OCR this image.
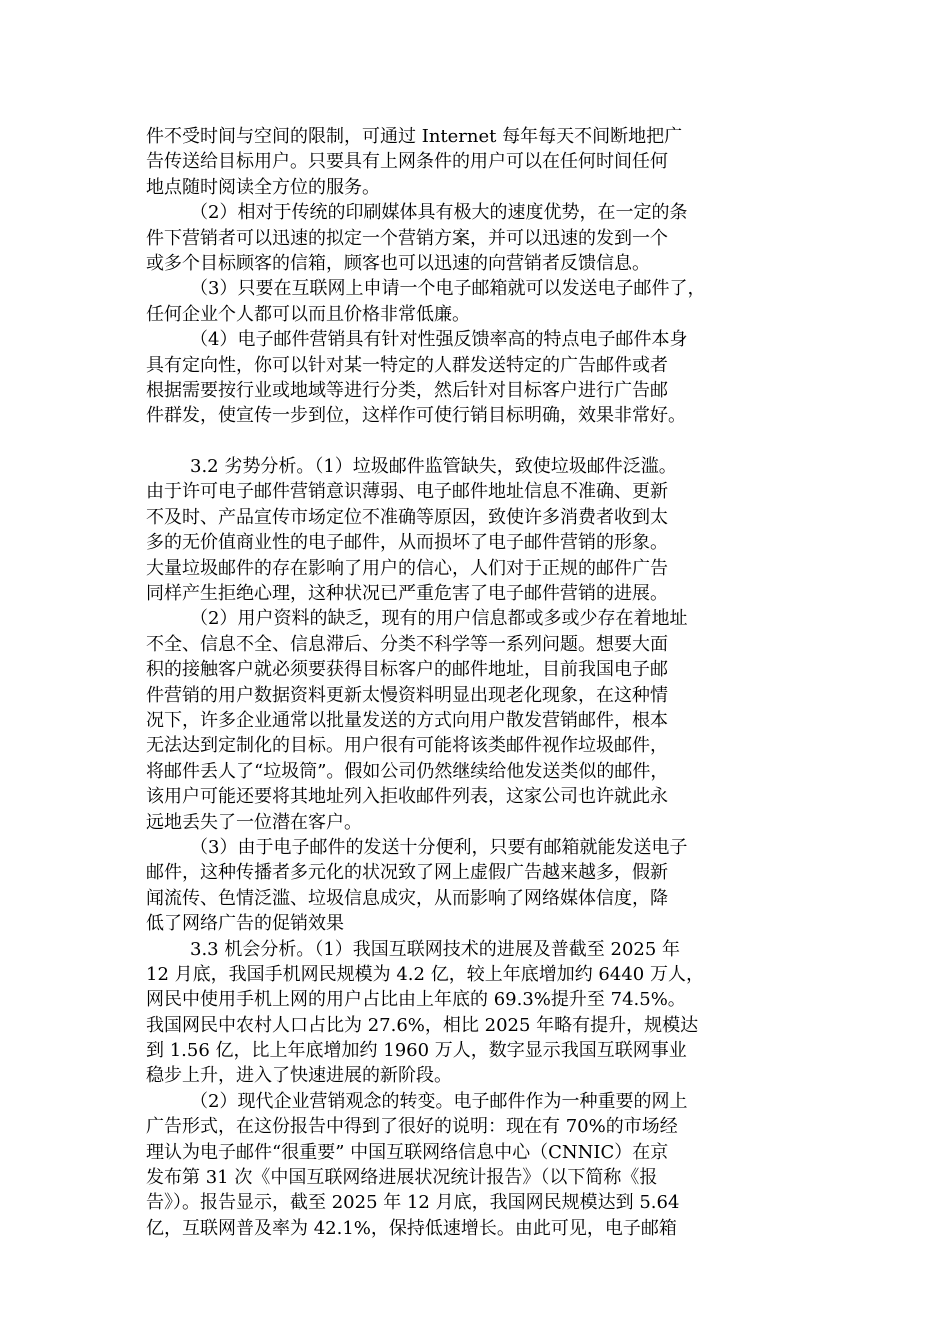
件不受时间与空间的限制，可通过 Internet 每年每天不间断地把广
告传送给目标用户。只要具有上网条件的用户可以在任何时间任何
地点随时阅读全方位的服务。
（2）相对于传统的印刷媒体具有极大的速度优势，在一定的条
件下营销者可以迅速的拟定一个营销方案，并可以迅速的发到一个
或多个目标顾客的信箱，顾客也可以迅速的向营销者反馈信息。
（3）只要在互联网上申请一个电子邮箱就可以发送电子邮件了，
任何企业个人都可以而且价格非常低廉。
（4）电子邮件营销具有针对性强反馈率高的特点电子邮件本身
具有定向性，你可以针对某一特定的人群发送特定的广告邮件或者
根据需要按行业或地域等进行分类，然后针对目标客户进行广告邮
件群发，使宣传一步到位，这样作可使行销目标明确，效果非常好。
3.2 劣势分析。（1）垃圾邮件监管缺失，致使垃圾邮件泛滥。
由于许可电子邮件营销意识薄弱、电子邮件地址信息不准确、更新
不及时、产品宣传市场定位不准确等原因，致使许多消费者收到太
多的无价值商业性的电子邮件，从而损坏了电子邮件营销的形象。
大量垃圾邮件的存在影响了用户的信心，人们对于正规的邮件广告
同样产生拒绝心理，这种状况已严重危害了电子邮件营销的进展。
（2）用户资料的缺乏，现有的用户信息都或多或少存在着地址
不全、信息不全、信息滞后、分类不科学等一系列问题。想要大面
积的接触客户就必须要获得目标客户的邮件地址，目前我国电子邮
件营销的用户数据资料更新太慢资料明显出现老化现象，在这种情
况下，许多企业通常以批量发送的方式向用户散发营销邮件，根本
无法达到定制化的目标。用户很有可能将该类邮件视作垃圾邮件，
将邮件丢人了“垃圾筒”。假如公司仍然继续给他发送类似的邮件，
该用户可能还要将其地址列入拒收邮件列表，这家公司也许就此永
远地丢失了一位潜在客户。
（3）由于电子邮件的发送十分便利，只要有邮箱就能发送电子
邮件，这种传播者多元化的状况致了网上虚假广告越来越多，假新
闻流传、色情泛滥、垃圾信息成灾，从而影响了网络媒体信度，降
低了网络广告的促销效果
3.3 机会分析。（1）我国互联网技术的进展及普截至 2025 年
12 月底，我国手机网民规模为 4.2 亿，较上年底增加约 6440 万人，
网民中使用手机上网的用户占比由上年底的 69.3%提升至 74.5%。
我国网民中农村人口占比为 27.6%，相比 2025 年略有提升，规模达
到 1.56 亿，比上年底增加约 1960 万人，数字显示我国互联网事业
稳步上升，进入了快速进展的新阶段。
（2）现代企业营销观念的转变。电子邮件作为一种重要的网上
广告形式，在这份报告中得到了很好的说明：现在有 70%的市场经
理认为电子邮件“很重要” 中国互联网络信息中心（CNNIC）在京
发布第 31 次《中国互联网络进展状况统计报告》（以下简称《报
告》）。报告显示，截至 2025 年 12 月底，我国网民规模达到 5.64
亿，互联网普及率为 42.1%，保持低速增长。由此可见，电子邮箱
